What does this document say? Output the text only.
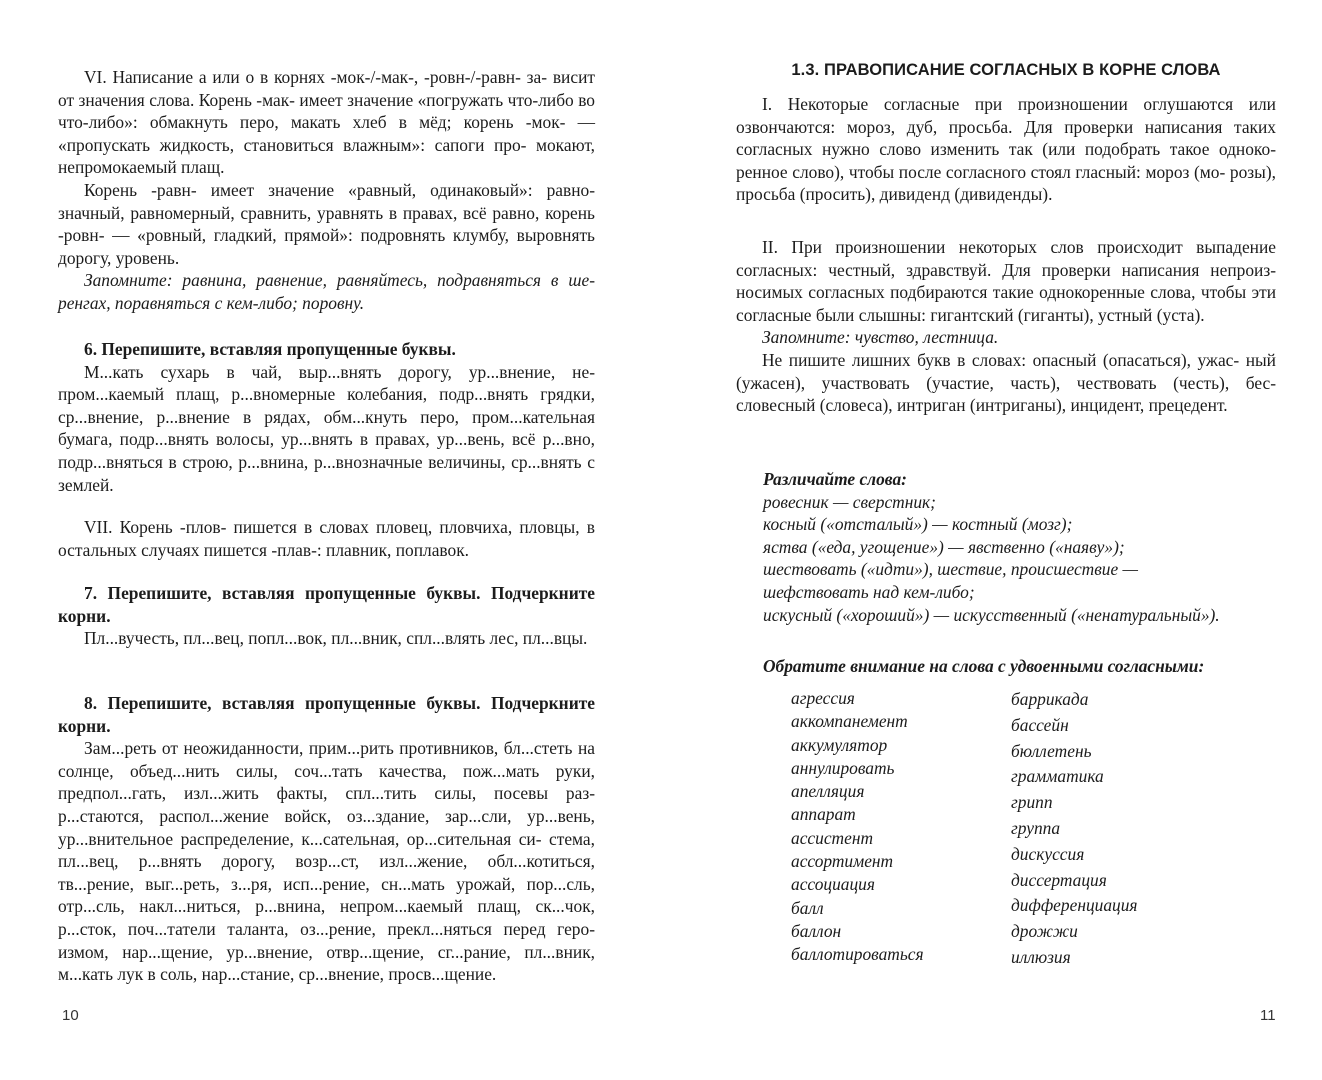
VI. Написание а или о в корнях -мок-/-мак-, -ровн-/-равн- за- висит от значения слова. Корень -мак- имеет значение «погружать что-либо во что-либо»: обмакнуть перо, макать хлеб в мёд; корень -мок- — «пропускать жидкость, становиться влажным»: сапоги про- мокают, непромокаемый плащ.

Корень -равн- имеет значение «равный, одинаковый»: равно- значный, равномерный, сравнить, уравнять в правах, всё равно, корень -ровн- — «ровный, гладкий, прямой»: подровнять клумбу, выровнять дорогу, уровень.

Запомните: равнина, равнение, равняйтесь, подравняться в ше- ренгах, поравняться с кем-либо; поровну.

6. Перепишите, вставляя пропущенные буквы.

М...кать сухарь в чай, выр...внять дорогу, ур...внение, не- пром...каемый плащ, р...вномерные колебания, подр...внять грядки, ср...внение, р...внение в рядах, обм...кнуть перо, пром...кательная бумага, подр...внять волосы, ур...внять в правах, ур...вень, всё р...вно, подр...вняться в строю, р...внина, р...внозначные величины, ср...внять с землей.

VII. Корень -плов- пишется в словах пловец, пловчиха, пловцы, в остальных случаях пишется -плав-: плавник, поплавок.

7. Перепишите, вставляя пропущенные буквы. Подчеркните корни.

Пл...вучесть, пл...вец, попл...вок, пл...вник, спл...влять лес, пл...вцы.

8. Перепишите, вставляя пропущенные буквы. Подчеркните корни.

Зам...реть от неожиданности, прим...рить противников, бл...стеть на солнце, объед...нить силы, соч...тать качества, пож...мать руки, предпол...гать, изл...жить факты, спл...тить силы, посевы раз- р...стаются, распол...жение войск, оз...здание, зар...сли, ур...вень, ур...внительное распределение, к...сательная, ор...сительная си- стема, пл...вец, р...внять дорогу, возр...ст, изл...жение, обл...котиться, тв...рение, выг...реть, з...ря, исп...рение, сн...мать урожай, пор...сль, отр...сль, накл...ниться, р...внина, непром...каемый плащ, ск...чок, р...сток, поч...татели таланта, оз...рение, прекл...няться перед геро- измом, нар...щение, ур...внение, отвр...щение, сг...рание, пл...вник, м...кать лук в соль, нар...стание, ср...внение, просв...щение.

10

1.3. ПРАВОПИСАНИЕ СОГЛАСНЫХ В КОРНЕ СЛОВА

I. Некоторые согласные при произношении оглушаются или озвончаются: мороз, дуб, просьба. Для проверки написания таких согласных нужно слово изменить так (или подобрать такое одноко- ренное слово), чтобы после согласного стоял гласный: мороз (мо- розы), просьба (просить), дивиденд (дивиденды).

II. При произношении некоторых слов происходит выпадение согласных: честный, здравствуй. Для проверки написания непроиз- носимых согласных подбираются такие однокоренные слова, чтобы эти согласные были слышны: гигантский (гиганты), устный (уста).

Запомните: чувство, лестница.

Не пишите лишних букв в словах: опасный (опасаться), ужас- ный (ужасен), участвовать (участие, часть), чествовать (честь), бес- словесный (словеса), интриган (интриганы), инцидент, прецедент.

Различайте слова:

ровесник — сверстник;

косный («отсталый») — костный (мозг);

яства («еда, угощение») — явственно («наяву»);

шествовать («идти»), шествие, происшествие —

шефствовать над кем-либо;

искусный («хороший») — искусственный («ненатуральный»).

Обратите внимание на слова с удвоенными согласными:

агрессия

аккомпанемент

аккумулятор

аннулировать

апелляция

аппарат

ассистент

ассортимент

ассоциация

балл

баллон

баллотироваться

баррикада

бассейн

бюллетень

грамматика

грипп

группа

дискуссия

диссертация

дифференциация

дрожжи

иллюзия

11
